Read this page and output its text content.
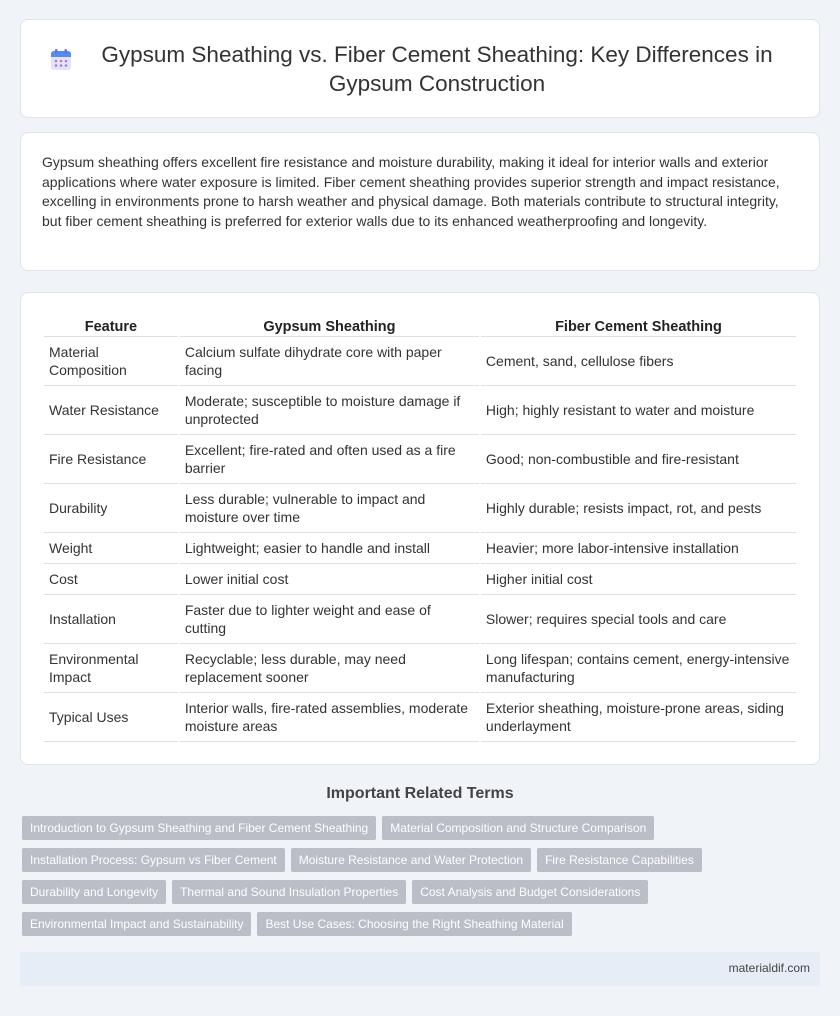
Gypsum Sheathing vs. Fiber Cement Sheathing: Key Differences in Gypsum Construction

Gypsum sheathing offers excellent fire resistance and moisture durability, making it ideal for interior walls and exterior applications where water exposure is limited. Fiber cement sheathing provides superior strength and impact resistance, excelling in environments prone to harsh weather and physical damage. Both materials contribute to structural integrity, but fiber cement sheathing is preferred for exterior walls due to its enhanced weatherproofing and longevity.

Feature	Gypsum Sheathing	Fiber Cement Sheathing
Material Composition	Calcium sulfate dihydrate core with paper facing	Cement, sand, cellulose fibers
Water Resistance	Moderate; susceptible to moisture damage if unprotected	High; highly resistant to water and moisture
Fire Resistance	Excellent; fire-rated and often used as a fire barrier	Good; non-combustible and fire-resistant
Durability	Less durable; vulnerable to impact and moisture over time	Highly durable; resists impact, rot, and pests
Weight	Lightweight; easier to handle and install	Heavier; more labor-intensive installation
Cost	Lower initial cost	Higher initial cost
Installation	Faster due to lighter weight and ease of cutting	Slower; requires special tools and care
Environmental Impact	Recyclable; less durable, may need replacement sooner	Long lifespan; contains cement, energy-intensive manufacturing
Typical Uses	Interior walls, fire-rated assemblies, moderate moisture areas	Exterior sheathing, moisture-prone areas, siding underlayment
Important Related Terms
Introduction to Gypsum Sheathing and Fiber Cement Sheathing	Material Composition and Structure Comparison
Installation Process: Gypsum vs Fiber Cement	Moisture Resistance and Water Protection	Fire Resistance Capabilities
Durability and Longevity	Thermal and Sound Insulation Properties	Cost Analysis and Budget Considerations
Environmental Impact and Sustainability	Best Use Cases: Choosing the Right Sheathing Material
materialdif.com
